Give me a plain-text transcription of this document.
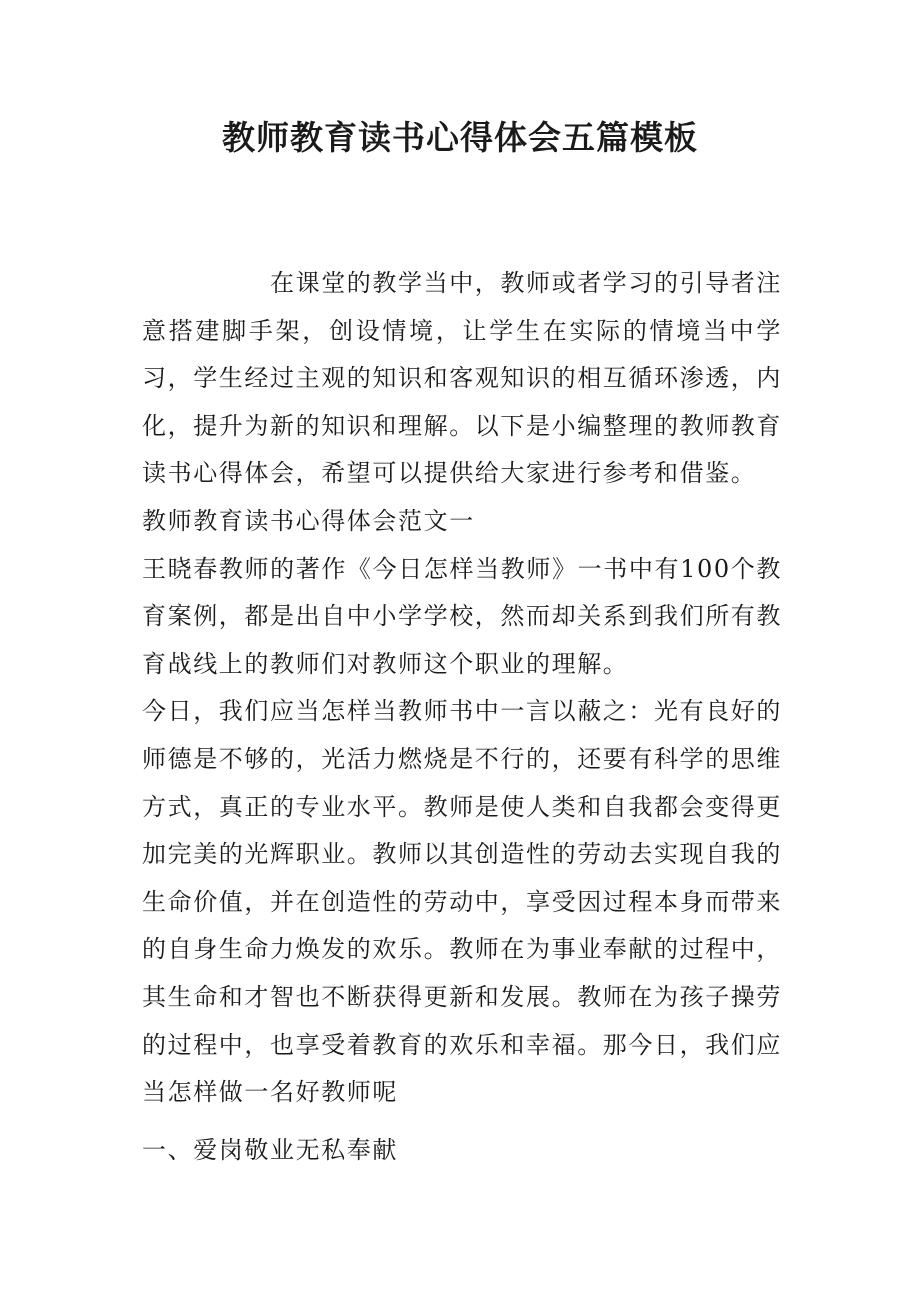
教师教育读书心得体会五篇模板

在课堂的教学当中，教师或者学习的引导者注意搭建脚手架，创设情境，让学生在实际的情境当中学习，学生经过主观的知识和客观知识的相互循环渗透，内化，提升为新的知识和理解。以下是小编整理的教师教育读书心得体会，希望可以提供给大家进行参考和借鉴。

教师教育读书心得体会范文一

王晓春教师的著作《今日怎样当教师》一书中有100个教育案例，都是出自中小学学校，然而却关系到我们所有教育战线上的教师们对教师这个职业的理解。

今日，我们应当怎样当教师书中一言以蔽之：光有良好的师德是不够的，光活力燃烧是不行的，还要有科学的思维方式，真正的专业水平。教师是使人类和自我都会变得更加完美的光辉职业。教师以其创造性的劳动去实现自我的生命价值，并在创造性的劳动中，享受因过程本身而带来的自身生命力焕发的欢乐。教师在为事业奉献的过程中，其生命和才智也不断获得更新和发展。教师在为孩子操劳的过程中，也享受着教育的欢乐和幸福。那今日，我们应当怎样做一名好教师呢

一、爱岗敬业无私奉献
